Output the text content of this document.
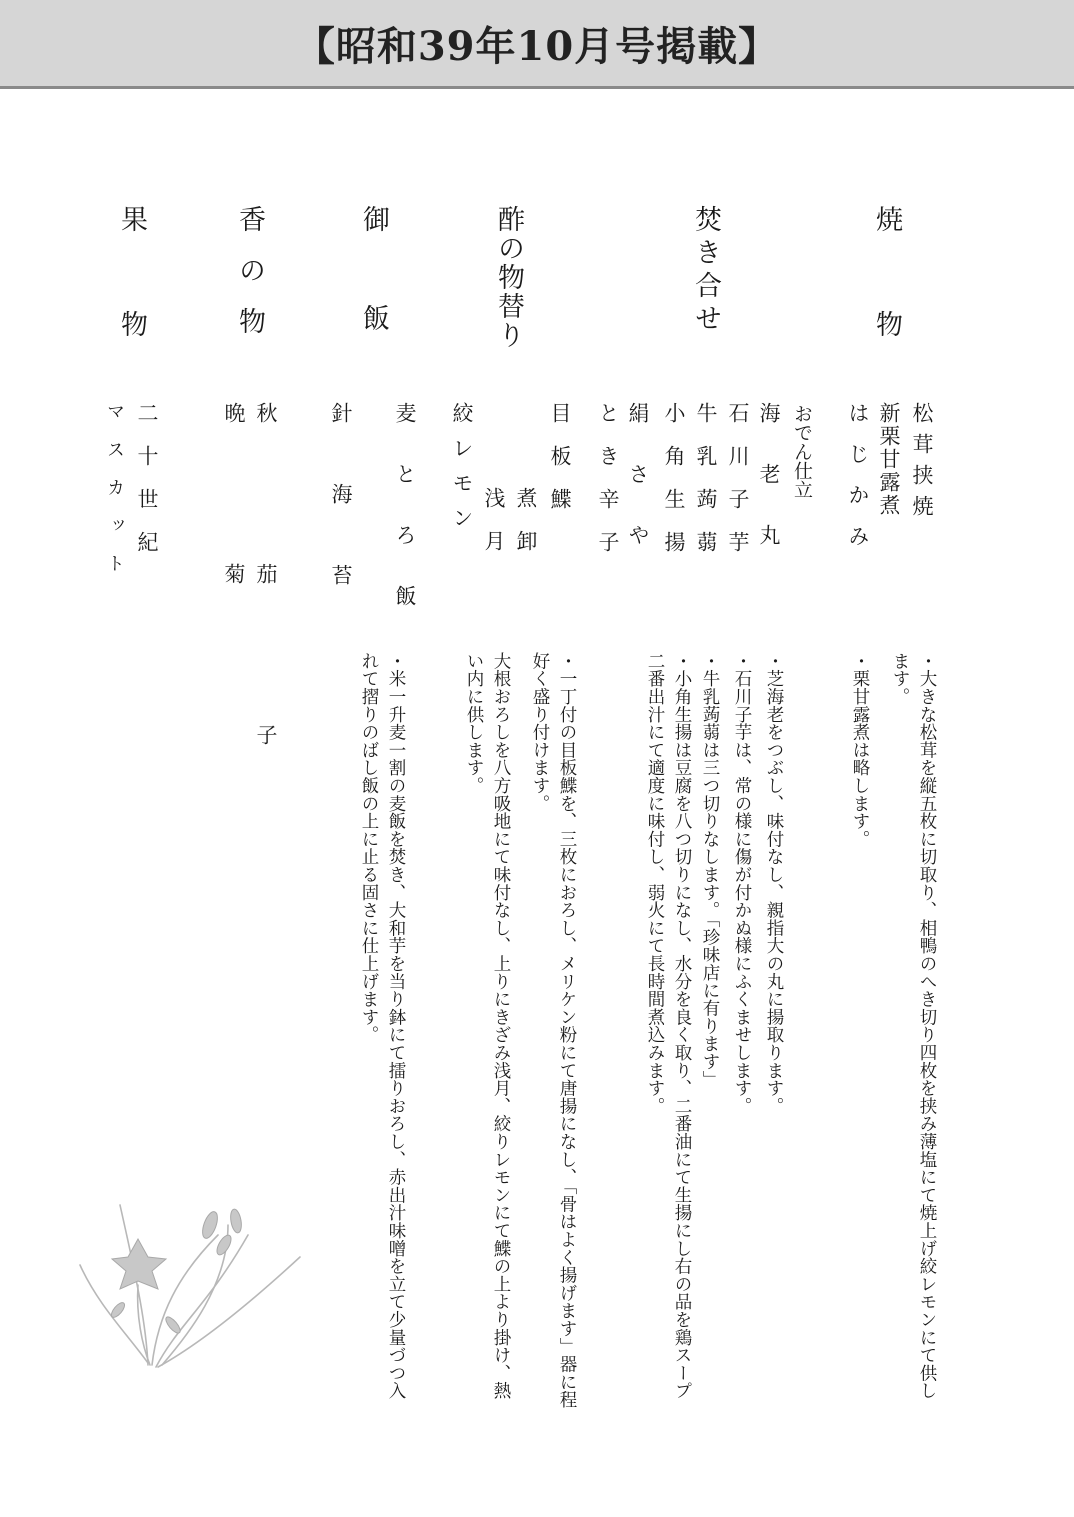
【昭和39年10月号掲載】
焼　　物
松茸挟焼
新栗甘露煮
はじかみ
・大きな松茸を縦五枚に切取り、相鴨のへき切り四枚を挟み薄塩にて焼上げ絞レモンにて供します。
・栗甘露煮は略します。
焚き合せ
おでん仕立
海老丸
石川子芋
牛乳蒟蒻
小角生揚
絹さや
とき辛子
・芝海老をつぶし、味付なし、親指大の丸に揚取ります。
・石川子芋は、常の様に傷が付かぬ様にふくませします。
・牛乳蒟蒻は三つ切りなします。「珍味店に有ります」
・小角生揚は豆腐を八つ切りになし、水分を良く取り、二番油にて生揚にし右の品を鶏スープ二番出汁にて適度に味付し、弱火にて長時間煮込みます。
酢の物替り
目板鰈
煮卸
浅月
絞レモン
・一丁付の目板鰈を、三枚におろし、メリケン粉にて唐揚になし、「骨はよく揚げます」器に程好く盛り付けます。
大根おろしを八方吸地にて味付なし、上りにきざみ浅月、絞りレモンにて鰈の上より掛け、熱い内に供します。
御　　飯
麦とろ飯
針海苔
・米一升麦一割の麦飯を焚き、大和芋を当り鉢にて擂りおろし、赤出汁味噌を立て少量づつ入れて摺りのばし飯の上に止る固さに仕上げます。
香の物
秋茄子
晩菊
果　　物
二十世紀
マスカット
